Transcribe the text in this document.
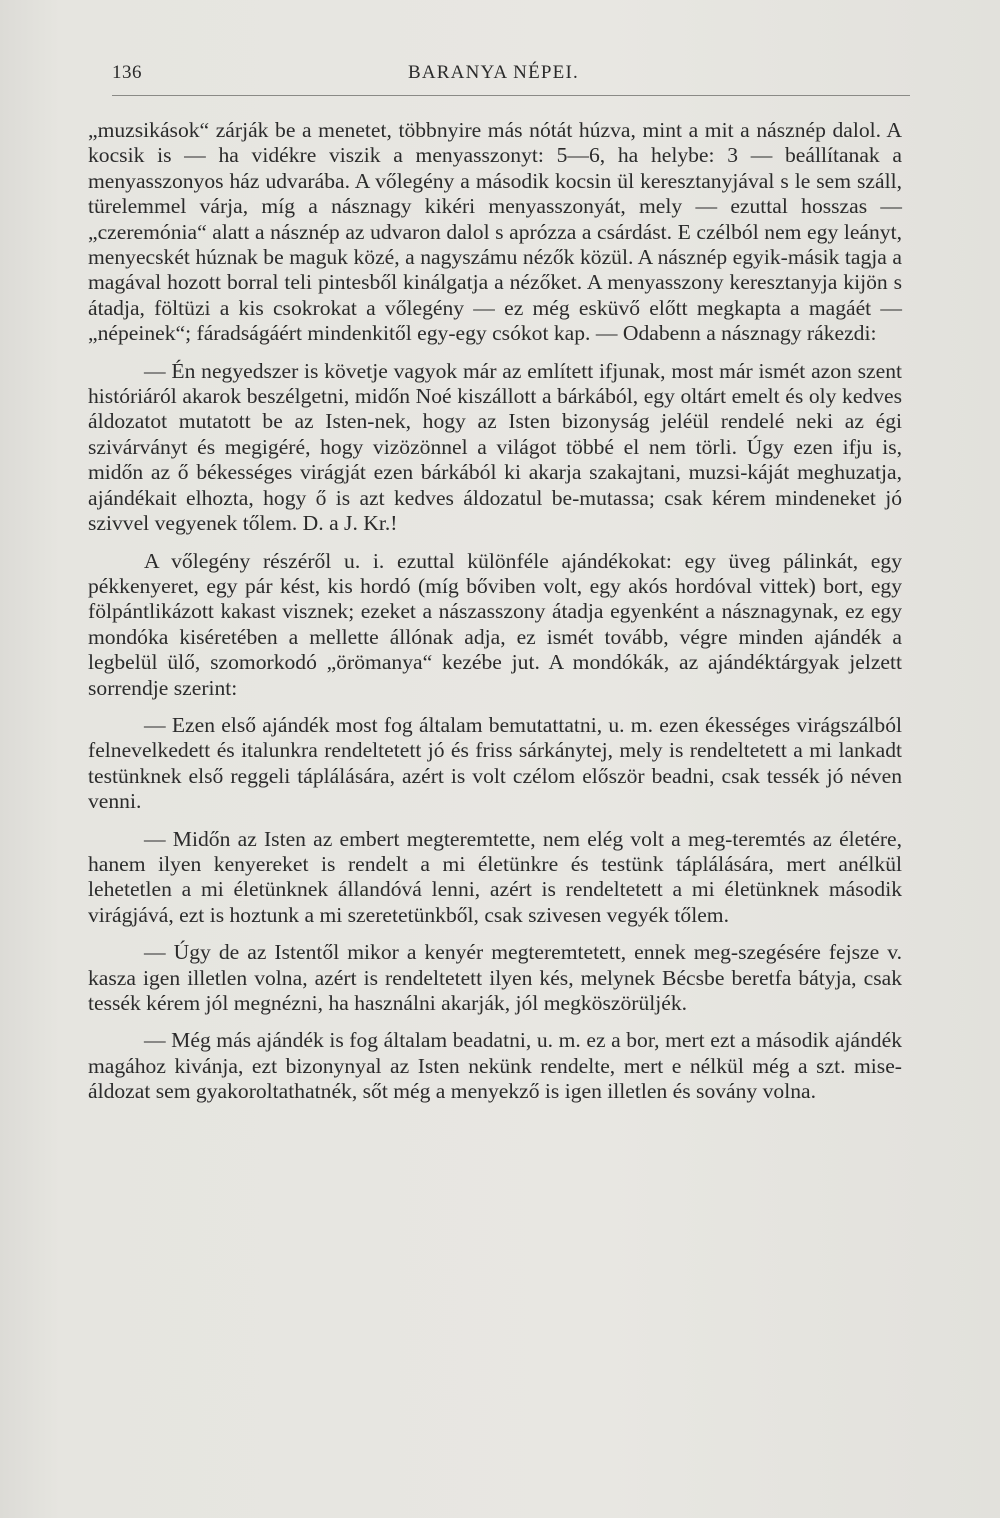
136	BARANYA NÉPEI.

„muzsikások“ zárják be a menetet, többnyire más nótát húzva, mint a mit a násznép dalol. A kocsik is — ha vidékre viszik a menyasszonyt: 5—6, ha helybe: 3 — beállítanak a menyasszonyos ház udvarába. A vőlegény a második kocsin ül keresztanyjával s le sem száll, türelemmel várja, míg a násznagy kikéri menyasszonyát, mely — ezuttal hosszas — „czeremónia“ alatt a násznép az udvaron dalol s aprózza a csárdást. E czélból nem egy leányt, menyecskét húznak be maguk közé, a nagyszámu nézők közül. A násznép egyik-másik tagja a magával hozott borral teli pintesből kinálgatja a nézőket. A menyasszony keresztanyja kijön s átadja, föltüzi a kis csokrokat a vőlegény — ez még esküvő előtt megkapta a magáét — „népeinek“; fáradságáért mindenkitől egy-egy csókot kap. — Odabenn a násznagy rákezdi:

— Én negyedszer is követje vagyok már az említett ifjunak, most már ismét azon szent históriáról akarok beszélgetni, midőn Noé kiszállott a bárkából, egy oltárt emelt és oly kedves áldozatot mutatott be az Isten-nek, hogy az Isten bizonyság jeléül rendelé neki az égi szivárványt és megigéré, hogy vizözönnel a világot többé el nem törli. Úgy ezen ifju is, midőn az ő békességes virágját ezen bárkából ki akarja szakajtani, muzsi-káját meghuzatja, ajándékait elhozta, hogy ő is azt kedves áldozatul be-mutassa; csak kérem mindeneket jó szivvel vegyenek tőlem. D. a J. Kr.!

A vőlegény részéről u. i. ezuttal különféle ajándékokat: egy üveg pálinkát, egy pékkenyeret, egy pár kést, kis hordó (míg bőviben volt, egy akós hordóval vittek) bort, egy fölpántlikázott kakast visznek; ezeket a nászasszony átadja egyenként a násznagynak, ez egy mondóka kiséretében a mellette állónak adja, ez ismét tovább, végre minden ajándék a legbelül ülő, szomorkodó „örömanya“ kezébe jut. A mondókák, az ajándéktárgyak jelzett sorrendje szerint:

— Ezen első ajándék most fog általam bemutattatni, u. m. ezen ékességes virágszálból felnevelkedett és italunkra rendeltetett jó és friss sárkánytej, mely is rendeltetett a mi lankadt testünknek első reggeli táplálására, azért is volt czélom először beadni, csak tessék jó néven venni.

— Midőn az Isten az embert megteremtette, nem elég volt a meg-teremtés az életére, hanem ilyen kenyereket is rendelt a mi életünkre és testünk táplálására, mert anélkül lehetetlen a mi életünknek állandóvá lenni, azért is rendeltetett a mi életünknek második virágjává, ezt is hoztunk a mi szeretetünkből, csak szivesen vegyék tőlem.

— Úgy de az Istentől mikor a kenyér megteremtetett, ennek meg-szegésére fejsze v. kasza igen illetlen volna, azért is rendeltetett ilyen kés, melynek Bécsbe beretfa bátyja, csak tessék kérem jól megnézni, ha használni akarják, jól megköszörüljék.

— Még más ajándék is fog általam beadatni, u. m. ez a bor, mert ezt a második ajándék magához kivánja, ezt bizonynyal az Isten nekünk rendelte, mert e nélkül még a szt. mise-áldozat sem gyakoroltathatnék, sőt még a menyekző is igen illetlen és sovány volna.
